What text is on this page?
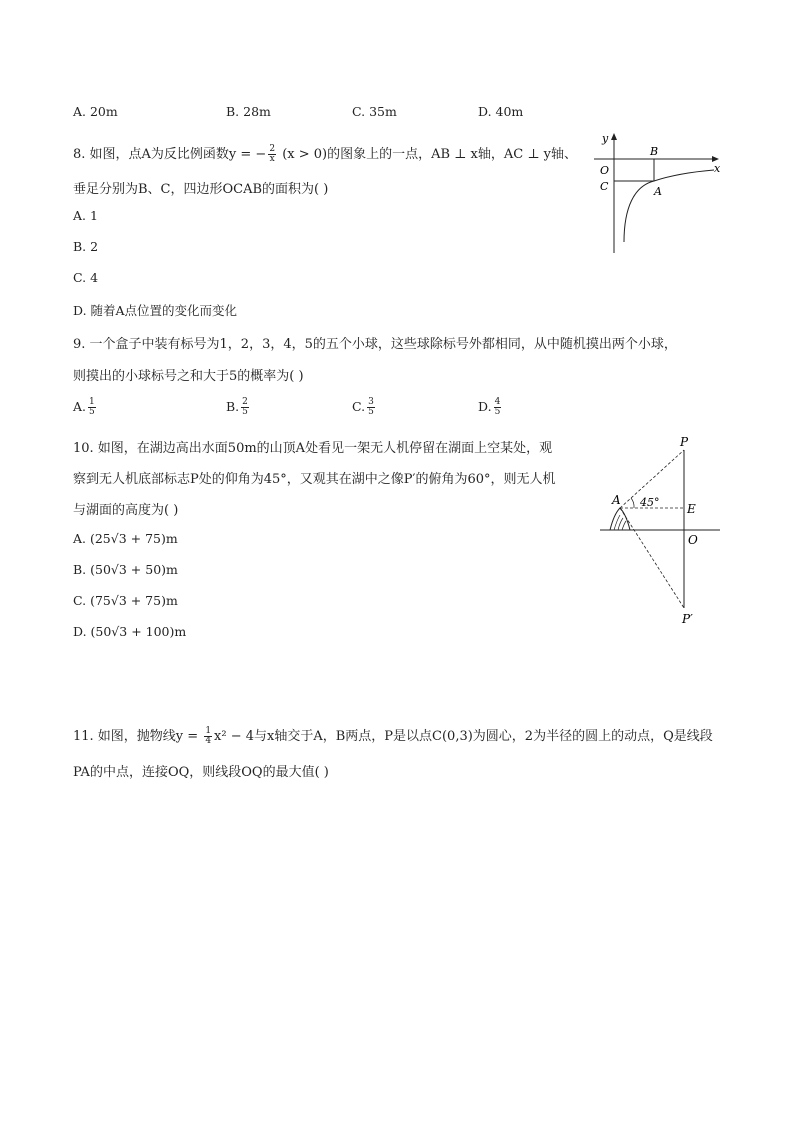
A. 20m	B. 28m	C. 35m	D. 40m
8. 如图，点A为反比例函数y = − $\frac{2}{x} (x > 0)$的图象上的一点，AB ⊥ x轴，AC ⊥ y轴、
垂足分别为B、C，四边形OCAB的面积为( )
A. 1
B. 2
C. 4
D. 随着A点位置的变化而变化
y
x
O
B
C	A
9. 一个盒子中装有标号为1，2，3，4，5的五个小球，这些球除标号外都相同，从中随机摸出两个小球，
则摸出的小球标号之和大于5的概率为( )
A. $\frac{1}{5}$	B. $\frac{2}{5}$	C. $\frac{3}{5}$	D. $\frac{4}{5}$
10. 如图，在湖边高出水面50m的山顶A处看见一架无人机停留在湖面上空某处，观
察到无人机底部标志P处的仰角为45°，又观其在湖中之像P′的俯角为60°，则无人机
与湖面的高度为( )
A. (25√3 + 75)m
B. (50√3 + 50)m
C. (75√3 + 75)m
D. (50√3 + 100)m
P
A 45° E
O
P′
11. 如图，抛物线$y = \frac{1}{4} x^2 - 4$与x轴交于A，B两点，P是以点C(0,3)为圆心，2为半径的圆上的动点，Q是线段
PA的中点，连接OQ，则线段OQ的最大值( )
